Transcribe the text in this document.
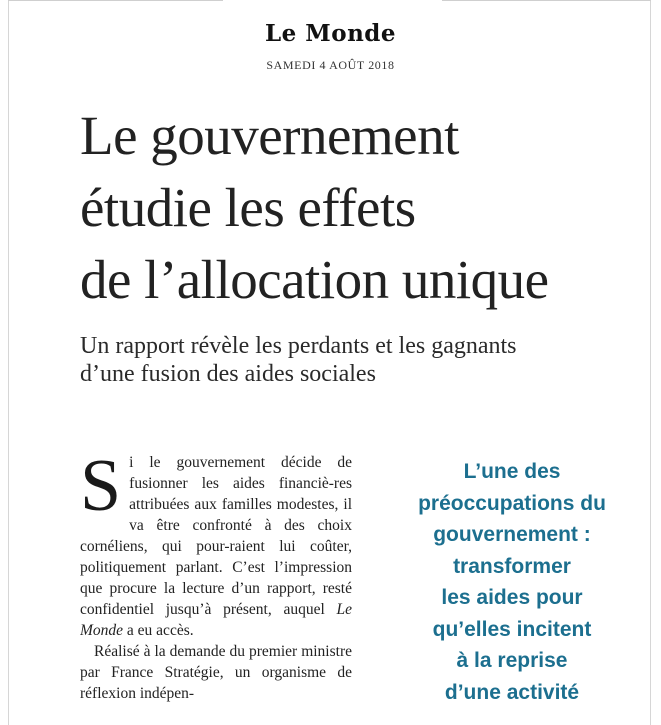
Le Monde
SAMEDI 4 AOÛT 2018
Le gouvernement
étudie les effets
de l’allocation unique
Un rapport révèle les perdants et les gagnants
d’une fusion des aides sociales

Si le gouvernement décide de fusionner les aides financiè-res attribuées aux familles modestes, il va être confronté à des choix cornéliens, qui pour-raient lui coûter, politiquement parlant. C’est l’impression que procure la lecture d’un rapport, resté confidentiel jusqu’à présent, auquel Le Monde a eu accès.

Réalisé à la demande du premier ministre par France Stratégie, un organisme de réflexion indépen-

L’une des
préoccupations du
gouvernement :
transformer
les aides pour
qu’elles incitent
à la reprise
d’une activité
